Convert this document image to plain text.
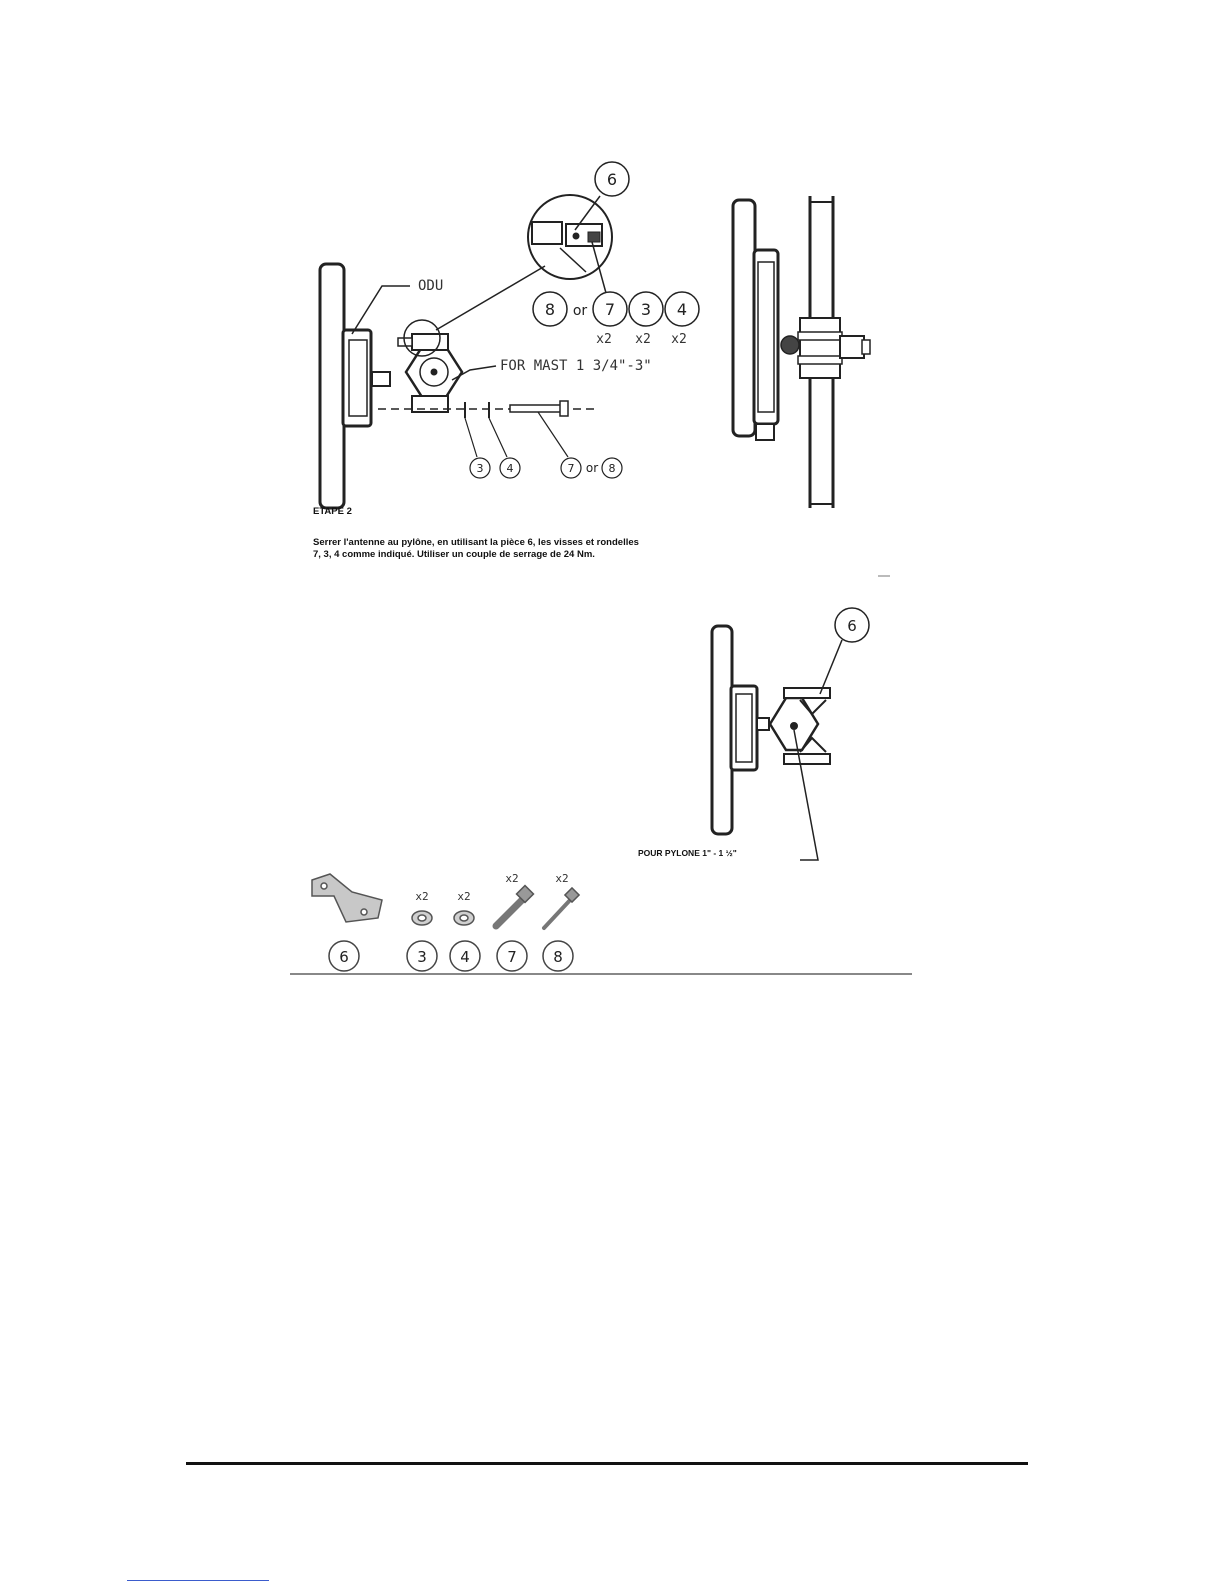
ODU
FOR MAST 1 3/4"-3"
6
8 or 7 3 4
x2 x2 x2
3 4	7 or 8
6
POUR PYLONE 1" - 1 ½"
6	3 4 7 8
x2	x2
x2	x2
ETAPE 2
Serrer l'antenne au pylône, en utilisant la pièce 6, les visses et rondelles
7, 3, 4 comme indiqué. Utiliser un couple de serrage de 24 Nm.
